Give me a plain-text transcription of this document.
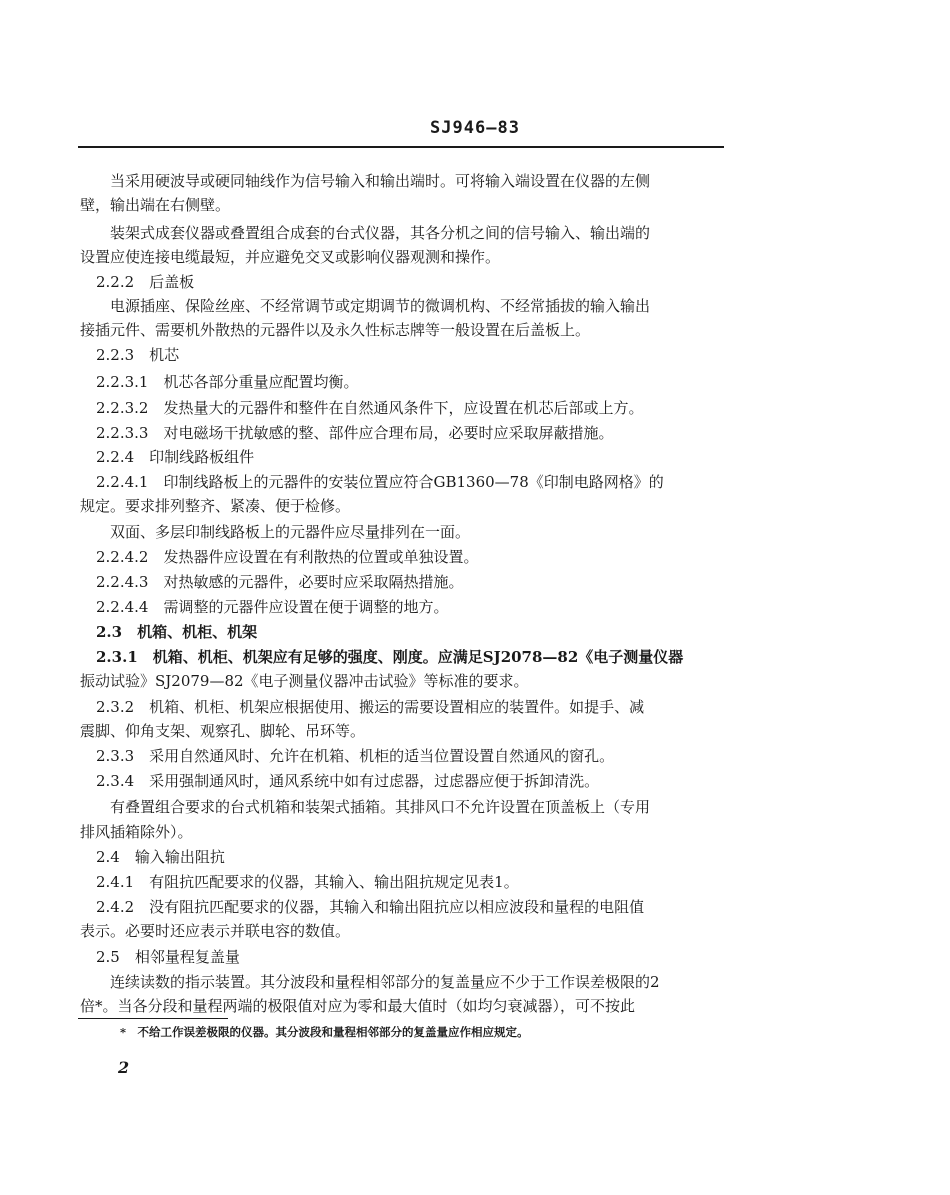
SJ946—83
当采用硬波导或硬同轴线作为信号输入和输出端时。可将输入端设置在仪器的左侧
壁，输出端在右侧壁。
装架式成套仪器或叠置组合成套的台式仪器，其各分机之间的信号输入、输出端的
设置应使连接电缆最短，并应避免交叉或影响仪器观测和操作。
2.2.2　后盖板
电源插座、保险丝座、不经常调节或定期调节的微调机构、不经常插拔的输入输出
接插元件、需要机外散热的元器件以及永久性标志牌等一般设置在后盖板上。
2.2.3　机芯
2.2.3.1　机芯各部分重量应配置均衡。
2.2.3.2　发热量大的元器件和整件在自然通风条件下，应设置在机芯后部或上方。
2.2.3.3　对电磁场干扰敏感的整、部件应合理布局，必要时应采取屏蔽措施。
2.2.4　印制线路板组件
2.2.4.1　印制线路板上的元器件的安装位置应符合GB1360—78《印制电路网格》的
规定。要求排列整齐、紧凑、便于检修。
双面、多层印制线路板上的元器件应尽量排列在一面。
2.2.4.2　发热器件应设置在有利散热的位置或单独设置。
2.2.4.3　对热敏感的元器件，必要时应采取隔热措施。
2.2.4.4　需调整的元器件应设置在便于调整的地方。
2.3　机箱、机柜、机架
2.3.1　机箱、机柜、机架应有足够的强度、刚度。应满足SJ2078—82《电子测量仪器
振动试验》SJ2079—82《电子测量仪器冲击试验》等标准的要求。
2.3.2　机箱、机柜、机架应根据使用、搬运的需要设置相应的装置件。如提手、减
震脚、仰角支架、观察孔、脚轮、吊环等。
2.3.3　采用自然通风时、允许在机箱、机柜的适当位置设置自然通风的窗孔。
2.3.4　采用强制通风时，通风系统中如有过虑器，过虑器应便于拆卸清洗。
有叠置组合要求的台式机箱和装架式插箱。其排风口不允许设置在顶盖板上（专用
排风插箱除外）。
2.4　输入输出阻抗
2.4.1　有阻抗匹配要求的仪器，其输入、输出阻抗规定见表1。
2.4.2　没有阻抗匹配要求的仪器，其输入和输出阻抗应以相应波段和量程的电阻值
表示。必要时还应表示并联电容的数值。
2.5　相邻量程复盖量
连续读数的指示装置。其分波段和量程相邻部分的复盖量应不少于工作误差极限的2
倍*。当各分段和量程两端的极限值对应为零和最大值时（如均匀衰减器），可不按此
*　不给工作误差极限的仪器。其分波段和量程相邻部分的复盖量应作相应规定。
2
